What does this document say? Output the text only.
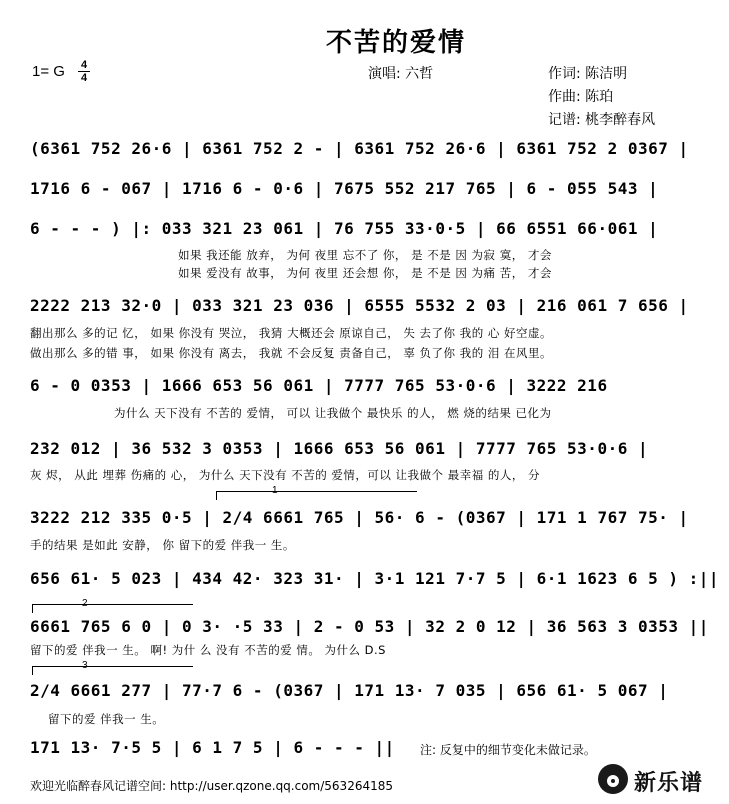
不苦的爱情
1= G 4
4	演唱: 六哲	作词: 陈洁明
作曲: 陈珀
记谱: 桃李醉春风
(6361 752 26·6 | 6361 752 2 - | 6361 752 26·6 | 6361 752 2 0367 |
1716 6 - 067 | 1716 6 - 0·6 | 7675 552 217 765 | 6 - 055 543 |
6 - - - ) |: 033 321 23 061 | 76 755 33·0·5 | 66 6551 66·061 |
如果 我还能 放弃， 为何 夜里 忘不了 你， 是 不是 因 为寂 寞， 才会
如果 爱没有 故事， 为何 夜里 还会想 你， 是 不是 因 为痛 苦， 才会
2222 213 32·0 | 033 321 23 036 | 6555 5532 2 03 | 216 061 7 656 |
翻出那么 多的记 忆， 如果 你没有 哭泣， 我猜 大概还会 原谅自己， 失 去了你 我的 心 好空虚。
做出那么 多的错 事， 如果 你没有 离去， 我就 不会反复 责备自己， 辜 负了你 我的 泪 在风里。
6 - 0 0353 | 1666 653 56 061 | 7777 765 53·0·6 | 3222 216
为什么 天下没有 不苦的 爱情， 可以 让我做个 最快乐 的人， 燃 烧的结果 已化为
232 012 | 36 532 3 0353 | 1666 653 56 061 | 7777 765 53·0·6 |
灰 烬， 从此 埋葬 伤痛的 心， 为什么 天下没有 不苦的 爱情，可以 让我做个 最幸福 的人， 分
1
3222 212 335 0·5 | 2/4 6661 765 | 56· 6 - (0367 | 171 1 767 75· |
手的结果 是如此 安静， 你 留下的爱 伴我一 生。
656 61· 5 023 | 434 42· 323 31· | 3·1 121 7·7 5 | 6·1 1623 6 5 ) :||
2
6661 765 6 0 | 0 3· ·5 33 | 2 - 0 53 | 32 2 0 12 | 36 563 3 0353 ||
留下的爱 伴我一 生。 啊! 为什 么 没有 不苦的爱 情。 为什么 D.S
3
2/4 6661 277 | 77·7 6 - (0367 | 171 13· 7 035 | 656 61· 5 067 |
留下的爱 伴我一 生。
171 13· 7·5 5 | 6 1 7 5 | 6 - - - || 注: 反复中的细节变化未做记录。
欢迎光临醉春风记谱空间: http://user.qzone.qq.com/563264185	新乐谱
